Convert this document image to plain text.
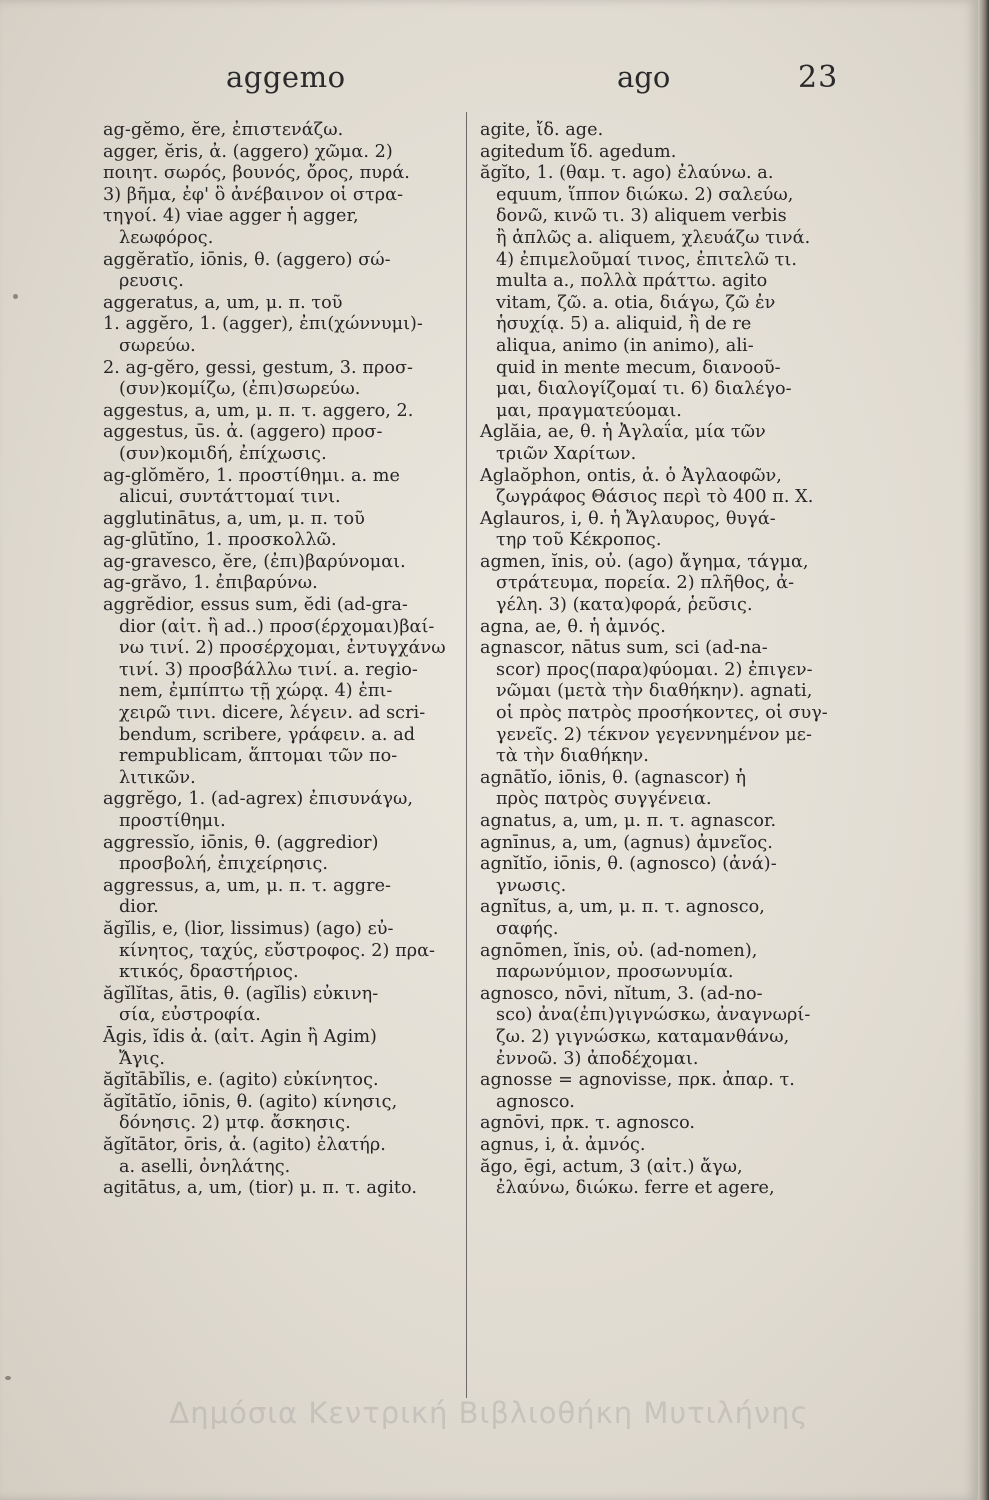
aggemo	ago	23
ag-gĕmo, ĕre, ἐπιστενάζω.
agger, ĕris, ἀ. (aggero) χῶμα. 2)
ποιητ. σωρός, βουνός, ὄρος, πυρά.
3) βῆμα, ἐφ' ὃ ἀνέβαινον οἱ στρα-
τηγοί. 4) viae agger ἡ agger,
λεωφόρος.
aggĕratĭo, iōnis, θ. (aggero) σώ-
ρευσις.
aggeratus, a, um, μ. π. τοῦ
1. aggĕro, 1. (agger), ἐπι(χώννυμι)-
σωρεύω.
2. ag-gĕro, gessi, gestum, 3. προσ-
(συν)κομίζω, (ἐπι)σωρεύω.
aggestus, a, um, μ. π. τ. aggero, 2.
aggestus, ūs. ἀ. (aggero) προσ-
(συν)κομιδή, ἐπίχωσις.
ag-glŏmĕro, 1. προστίθημι. a. me
alicui, συντάττομαί τινι.
agglutinātus, a, um, μ. π. τοῦ
ag-glūtĭno, 1. προσκολλῶ.
ag-gravesco, ĕre, (ἐπι)βαρύνομαι.
ag-grăvo, 1. ἐπιβαρύνω.
aggrĕdior, essus sum, ĕdi (ad-gra-
dior (αἰτ. ἢ ad..) προσ(έρχομαι)βαί-
νω τινί. 2) προσέρχομαι, ἐντυγχάνω
τινί. 3) προσβάλλω τινί. a. regio-
nem, ἐμπίπτω τῇ χώρᾳ. 4) ἐπι-
χειρῶ τινι. dicere, λέγειν. ad scri-
bendum, scribere, γράφειν. a. ad
rempublicam, ἅπτομαι τῶν πο-
λιτικῶν.
aggrĕgo, 1. (ad-agrex) ἐπισυνάγω,
προστίθημι.
aggressĭo, iōnis, θ. (aggredior)
προσβολή, ἐπιχείρησις.
aggressus, a, um, μ. π. τ. aggre-
dior.
ăgĭlis, e, (lior, lissimus) (ago) εὐ-
κίνητος, ταχύς, εὔστροφος. 2) πρα-
κτικός, δραστήριος.
ăgĭlĭtas, ātis, θ. (agĭlis) εὐκινη-
σία, εὐστροφία.
Āgis, ĭdis ἀ. (αἰτ. Agin ἢ Agim)
Ἄγις.
ăgĭtābĭlis, e. (agito) εὐκίνητος.
ăgĭtātĭo, iōnis, θ. (agito) κίνησις,
δόνησις. 2) μτφ. ἄσκησις.
ăgĭtātor, ōris, ἀ. (agito) ἐλατήρ.
a. aselli, ὀνηλάτης.
agitātus, a, um, (tior) μ. π. τ. agito.
agite, ἴδ. age.
agitedum ἴδ. agedum.
ăgĭto, 1. (θαμ. τ. ago) ἐλαύνω. a.
equum, ἵππον διώκω. 2) σαλεύω,
δονῶ, κινῶ τι. 3) aliquem verbis
ἢ ἁπλῶς a. aliquem, χλευάζω τινά.
4) ἐπιμελοῦμαί τινος, ἐπιτελῶ τι.
multa a., πολλὰ πράττω. agito
vitam, ζῶ. a. otia, διάγω, ζῶ ἐν
ἡσυχίᾳ. 5) a. aliquid, ἢ de re
aliqua, animo (in animo), ali-
quid in mente mecum, διανοοῦ-
μαι, διαλογίζομαί τι. 6) διαλέγο-
μαι, πραγματεύομαι.
Aglăia, ae, θ. ἡ Ἀγλαΐα, μία τῶν
τριῶν Χαρίτων.
Aglaŏphon, ontis, ἀ. ὁ Ἀγλαοφῶν,
ζωγράφος Θάσιος περὶ τὸ 400 π. Χ.
Aglauros, i, θ. ἡ Ἄγλαυρος, θυγά-
τηρ τοῦ Κέκροπος.
agmen, ĭnis, οὐ. (ago) ἄγημα, τάγμα,
στράτευμα, πορεία. 2) πλῆθος, ἀ-
γέλη. 3) (κατα)φορά, ῥεῦσις.
agna, ae, θ. ἡ ἀμνός.
agnascor, nātus sum, sci (ad-na-
scor) προς(παρα)φύομαι. 2) ἐπιγεν-
νῶμαι (μετὰ τὴν διαθήκην). agnati,
οἱ πρὸς πατρὸς προσήκοντες, οἱ συγ-
γενεῖς. 2) τέκνον γεγεννημένον με-
τὰ τὴν διαθήκην.
agnātĭo, iōnis, θ. (agnascor) ἡ
πρὸς πατρὸς συγγένεια.
agnatus, a, um, μ. π. τ. agnascor.
agnīnus, a, um, (agnus) ἀμνεῖος.
agnĭtĭo, iōnis, θ. (agnosco) (ἀνά)-
γνωσις.
agnĭtus, a, um, μ. π. τ. agnosco,
σαφής.
agnōmen, ĭnis, οὐ. (ad-nomen),
παρωνύμιον, προσωνυμία.
agnosco, nōvi, nĭtum, 3. (ad-no-
sco) ἀνα(ἐπι)γιγνώσκω, ἀναγνωρί-
ζω. 2) γιγνώσκω, καταμανθάνω,
ἐννοῶ. 3) ἀποδέχομαι.
agnosse = agnovisse, πρκ. ἀπαρ. τ.
agnosco.
agnōvi, πρκ. τ. agnosco.
agnus, i, ἀ. ἀμνός.
ăgo, ēgi, actum, 3 (αἰτ.) ἄγω,
ἐλαύνω, διώκω. ferre et agere,
Δημόσια Κεντρική Βιβλιοθήκη Μυτιλήνης
